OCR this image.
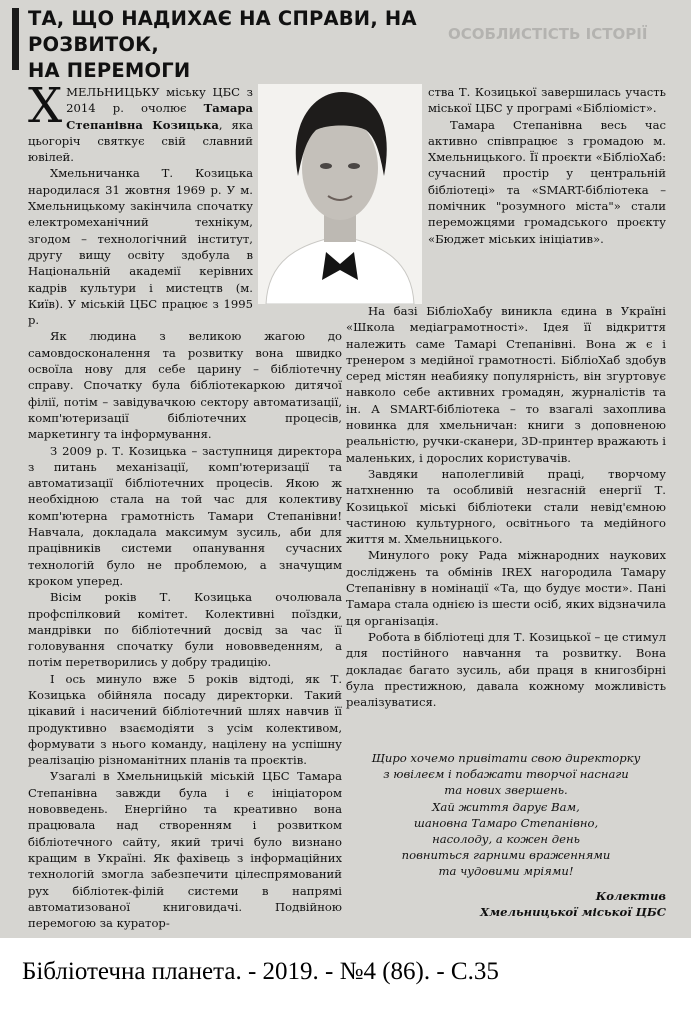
ТА, ЩО НАДИХАЄ НА СПРАВИ, НА РОЗВИТОК,
НА ПЕРЕМОГИ
ОСОБЛИСТІСТЬ ІСТОРІЇ

ХМЕЛЬНИЦЬКУ міську ЦБС з 2014 р. очолює Тамара Степанівна Козицька, яка цьогоріч святкує свій славний ювілей.

Хмельничанка Т. Козицька народилася 31 жовтня 1969 р. У м. Хмельницькому закінчила спочатку електромеханічний технікум, згодом – технологічний інститут, другу вищу освіту здобула в Національній академії керівних кадрів культури і мистецтв (м. Київ). У міській ЦБС працює з 1995 р.

Як людина з великою жагою до самовдосконалення та розвитку вона швидко освоїла нову для себе царину – бібліотечну справу. Спочатку була бібліотекаркою дитячої філії, потім – завідувачкою сектору автоматизації, комп'ютеризації бібліотечних процесів, маркетингу та інформування.

З 2009 р. Т. Козицька – заступниця директора з питань механізації, комп'ютеризації та автоматизації бібліотечних процесів. Якою ж необхідною стала на той час для колективу комп'ютерна грамотність Тамари Степанівни! Навчала, докладала максимум зусиль, аби для працівників системи опанування сучасних технологій було не проблемою, а значущим кроком уперед.

Вісім років Т. Козицька очолювала профспілковий комітет. Колективні поїздки, мандрівки по бібліотечний досвід за час її головування спочатку були нововведенням, а потім перетворились у добру традицію.

І ось минуло вже 5 років відтоді, як Т. Козицька обійняла посаду директорки. Такий цікавий і насичений бібліотечний шлях навчив її продуктивно взаємодіяти з усім колективом, формувати з нього команду, націлену на успішну реалізацію різноманітних планів та проєктів.

Узагалі в Хмельницькій міській ЦБС Тамара Степанівна завжди була і є ініціатором нововведень. Енергійно та креативно вона працювала над створенням і розвитком бібліотечного сайту, який тричі було визнано кращим в Україні. Як фахівець з інформаційних технологій змогла забезпечити цілеспрямований рух бібліотек-філій системи в напрямі автоматизованої книговидачі. Подвійною перемогою за куратор-

ства Т. Козицької завершилась участь міської ЦБС у програмі «Бібліоміст».

Тамара Степанівна весь час активно співпрацює з громадою м. Хмельницького. Її проєкти «БібліоХаб: сучасний простір у центральній бібліотеці» та «SMART-бібліотека – помічник "розумного міста"» стали переможцями громадського проєкту «Бюджет міських ініціатив».

На базі БібліоХабу виникла єдина в Україні «Школа медіаграмотності». Ідея її відкриття належить саме Тамарі Степанівні. Вона ж є і тренером з медійної грамотності. БібліоХаб здобув серед містян неабияку популярність, він згуртовує навколо себе активних громадян, журналістів та ін. А SMART-бібліотека – то взагалі захоплива новинка для хмельничан: книги з доповненою реальністю, ручки-сканери, 3D-принтер вражають і маленьких, і дорослих користувачів.

Завдяки наполегливій праці, творчому натхненню та особливій незгасній енергії Т. Козицької міські бібліотеки стали невід'ємною частиною культурного, освітнього та медійного життя м. Хмельницького.

Минулого року Рада міжнародних наукових досліджень та обмінів IREX нагородила Тамару Степанівну в номінації «Та, що будує мости». Пані Тамара стала однією із шести осіб, яких відзначила ця організація.

Робота в бібліотеці для Т. Козицької – це стимул для постійного навчання та розвитку. Вона докладає багато зусиль, аби праця в книгозбірні була престижною, давала кожному можливість реалізуватися.

Щиро хочемо привітати свою директорку
з ювілеєм і побажати творчої наснаги
та нових звершень.
Хай життя дарує Вам,
шановна Тамаро Степанівно,
насолоду, а кожен день
повниться гарними враженнями
та чудовими мріями!
Колектив
Хмельницької міської ЦБС
Бібліотечна планета. - 2019. - №4 (86). - С.35
